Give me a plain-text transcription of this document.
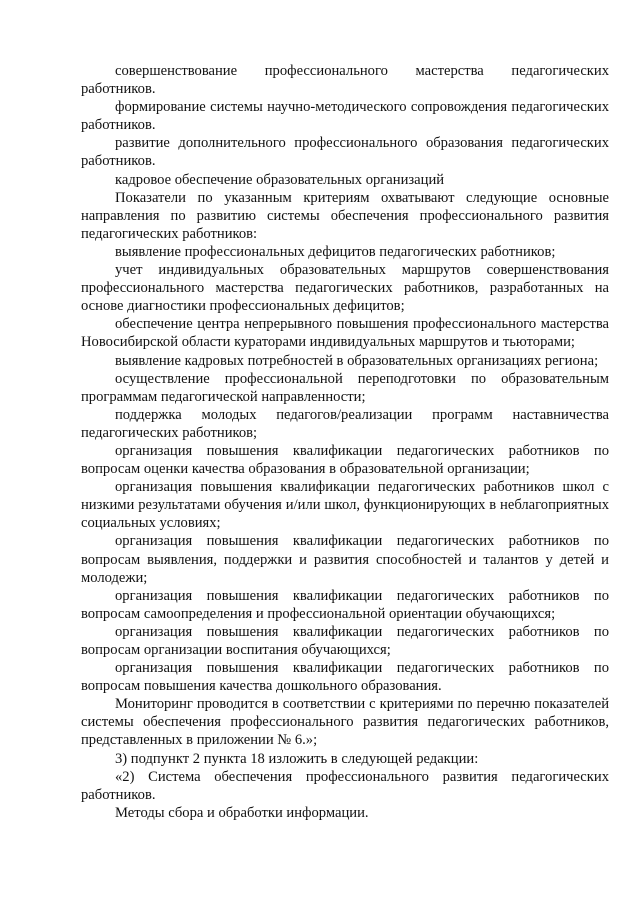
совершенствование профессионального мастерства педагогических работников.

формирование системы научно-методического сопровождения педагогических работников.

развитие дополнительного профессионального образования педагогических работников.

кадровое обеспечение образовательных организаций

Показатели по указанным критериям охватывают следующие основные направления по развитию системы обеспечения профессионального развития педагогических работников:

выявление профессиональных дефицитов педагогических работников;

учет индивидуальных образовательных маршрутов совершенствования профессионального мастерства педагогических работников, разработанных на основе диагностики профессиональных дефицитов;

обеспечение центра непрерывного повышения профессионального мастерства Новосибирской области кураторами индивидуальных маршрутов и тьюторами;

выявление кадровых потребностей в образовательных организациях региона;

осуществление профессиональной переподготовки по образовательным программам педагогической направленности;

поддержка молодых педагогов/реализации программ наставничества педагогических работников;

организация повышения квалификации педагогических работников по вопросам оценки качества образования в образовательной организации;

организация повышения квалификации педагогических работников школ с низкими результатами обучения и/или школ, функционирующих в неблагоприятных социальных условиях;

организация повышения квалификации педагогических работников по вопросам выявления, поддержки и развития способностей и талантов у детей и молодежи;

организация повышения квалификации педагогических работников по вопросам самоопределения и профессиональной ориентации обучающихся;

организация повышения квалификации педагогических работников по вопросам организации воспитания обучающихся;

организация повышения квалификации педагогических работников по вопросам повышения качества дошкольного образования.

Мониторинг проводится в соответствии с критериями по перечню показателей системы обеспечения профессионального развития педагогических работников, представленных в приложении № 6.»;

3) подпункт 2 пункта 18 изложить в следующей редакции:

«2) Система обеспечения профессионального развития педагогических работников.

Методы сбора и обработки информации.
